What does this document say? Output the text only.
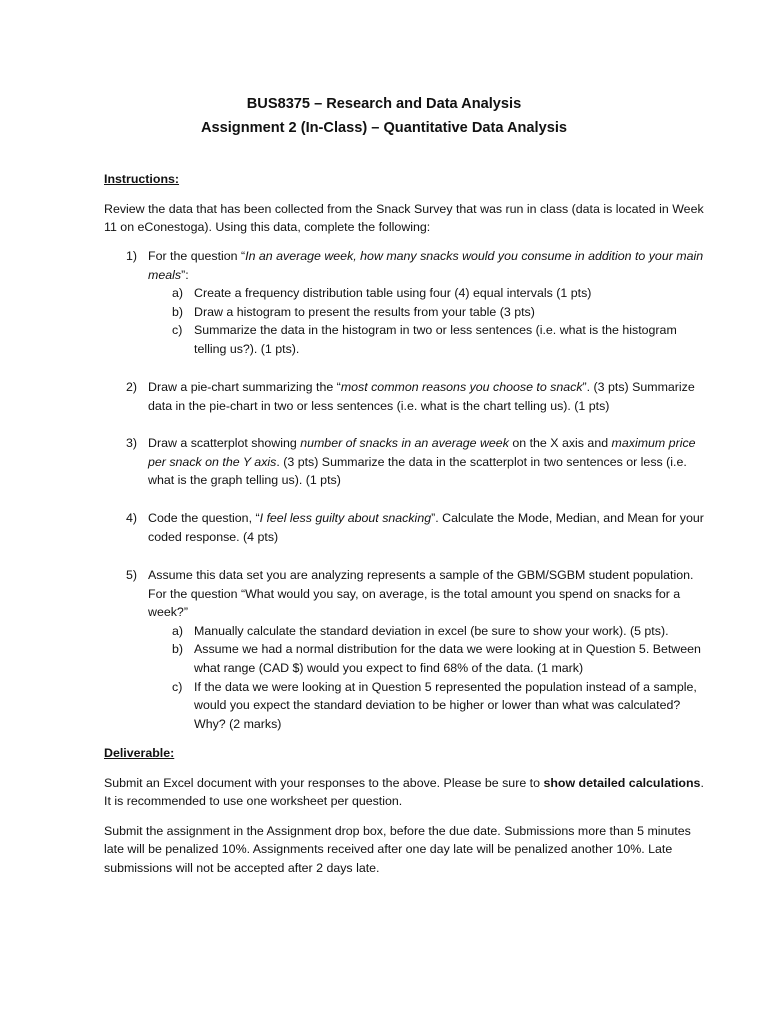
BUS8375 – Research and Data Analysis
Assignment 2 (In-Class) – Quantitative Data Analysis
Instructions:

Review the data that has been collected from the Snack Survey that was run in class (data is located in Week 11 on eConestoga). Using this data, complete the following:

1) For the question “In an average week, how many snacks would you consume in addition to your main meals”:
a) Create a frequency distribution table using four (4) equal intervals (1 pts)
b) Draw a histogram to present the results from your table (3 pts)
c) Summarize the data in the histogram in two or less sentences (i.e. what is the histogram telling us?). (1 pts).
2) Draw a pie-chart summarizing the “most common reasons you choose to snack”. (3 pts) Summarize data in the pie-chart in two or less sentences (i.e. what is the chart telling us). (1 pts)
3) Draw a scatterplot showing number of snacks in an average week on the X axis and maximum price per snack on the Y axis. (3 pts) Summarize the data in the scatterplot in two sentences or less (i.e. what is the graph telling us). (1 pts)
4) Code the question, “I feel less guilty about snacking”. Calculate the Mode, Median, and Mean for your coded response. (4 pts)
5) Assume this data set you are analyzing represents a sample of the GBM/SGBM student population. For the question “What would you say, on average, is the total amount you spend on snacks for a week?”
a) Manually calculate the standard deviation in excel (be sure to show your work). (5 pts).
b) Assume we had a normal distribution for the data we were looking at in Question 5. Between what range (CAD $) would you expect to find 68% of the data. (1 mark)
c) If the data we were looking at in Question 5 represented the population instead of a sample, would you expect the standard deviation to be higher or lower than what was calculated? Why? (2 marks)
Deliverable:

Submit an Excel document with your responses to the above. Please be sure to show detailed calculations. It is recommended to use one worksheet per question.

Submit the assignment in the Assignment drop box, before the due date. Submissions more than 5 minutes late will be penalized 10%. Assignments received after one day late will be penalized another 10%. Late submissions will not be accepted after 2 days late.
